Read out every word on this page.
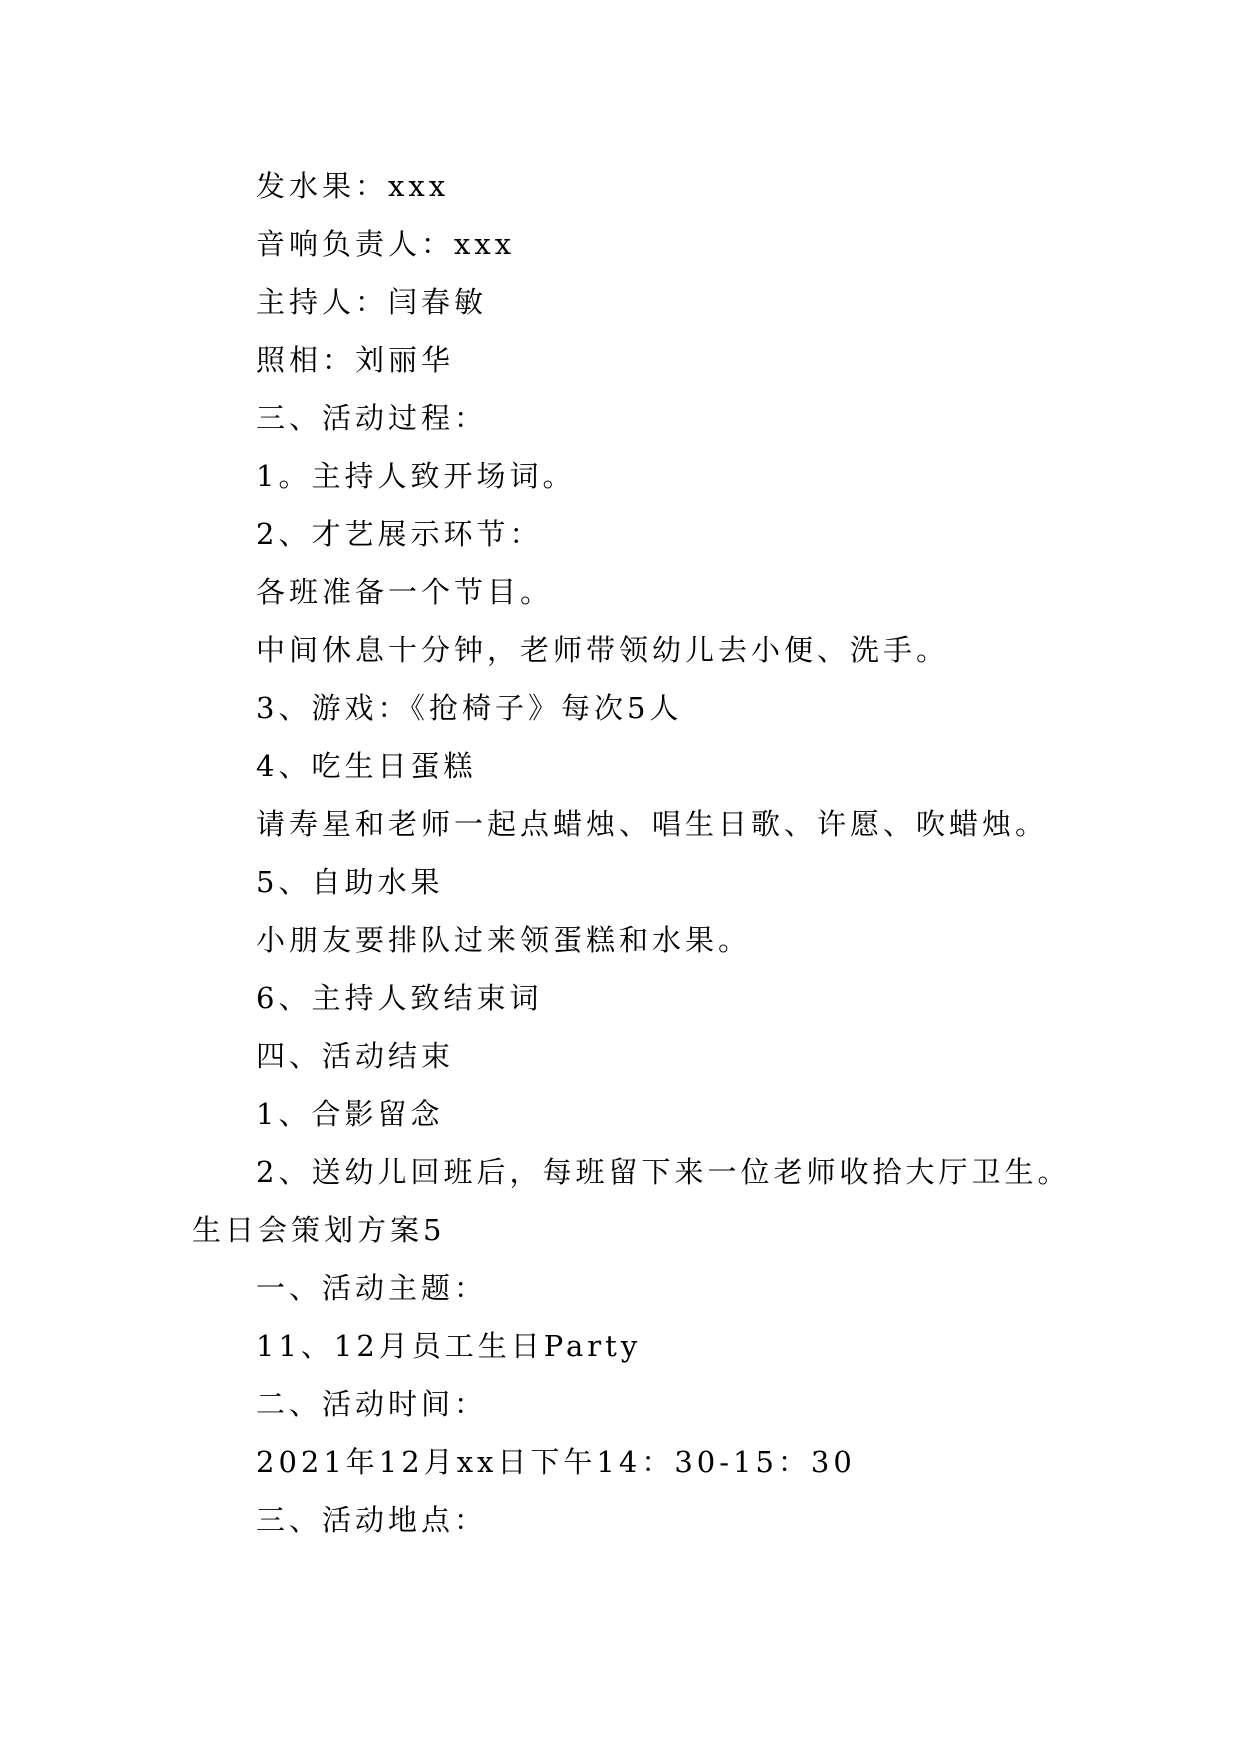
发水果：xxx
音响负责人：xxx
主持人：闫春敏
照相：刘丽华
三、活动过程：
1。主持人致开场词。
2、才艺展示环节：
各班准备一个节目。
中间休息十分钟，老师带领幼儿去小便、洗手。
3、游戏：《抢椅子》每次5人
4、吃生日蛋糕
请寿星和老师一起点蜡烛、唱生日歌、许愿、吹蜡烛。
5、自助水果
小朋友要排队过来领蛋糕和水果。
6、主持人致结束词
四、活动结束
1、合影留念
2、送幼儿回班后，每班留下来一位老师收拾大厅卫生。
生日会策划方案5
一、活动主题：
11、12月员工生日Party
二、活动时间：
2021年12月xx日下午14：30-15：30
三、活动地点：
